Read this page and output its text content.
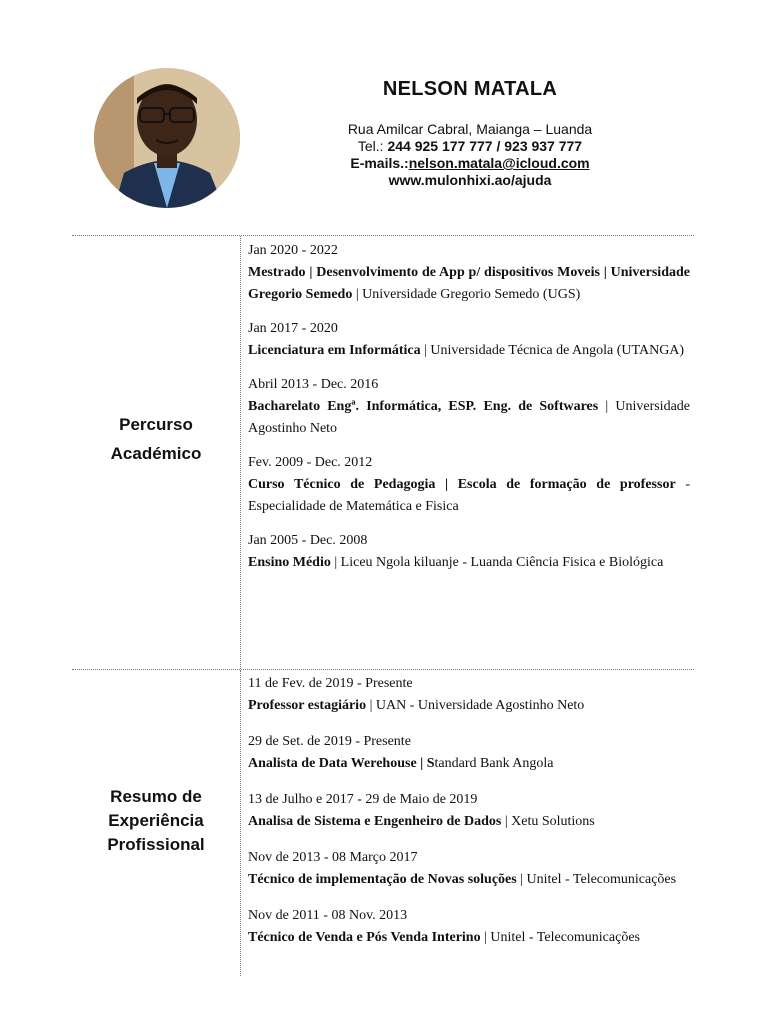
NELSON MATALA
Rua Amilcar Cabral, Maianga – Luanda
Tel.: 244 925 177 777 / 923 937 777
E-mails.:nelson.matala@icloud.com
www.mulonhixi.ao/ajuda
Percurso
Académico
Jan 2020 - 2022
Mestrado | Desenvolvimento de App p/ dispositivos Moveis | Universidade Gregorio Semedo | Universidade Gregorio Semedo (UGS)
Jan 2017 - 2020
Licenciatura em Informática | Universidade Técnica de Angola (UTANGA)
Abril 2013 - Dec. 2016
Bacharelato Engª. Informática, ESP. Eng. de Softwares | Universidade Agostinho Neto
Fev. 2009 - Dec. 2012
Curso Técnico de Pedagogia | Escola de formação de professor - Especialidade de Matemática e Fisica
Jan 2005 - Dec. 2008
Ensino Médio | Liceu Ngola kiluanje - Luanda Ciência Fisica e Biológica
Resumo de
Experiência
Profissional
11 de Fev. de 2019 - Presente
Professor estagiário | UAN - Universidade Agostinho Neto
29 de Set. de 2019 - Presente
Analista de Data Werehouse | Standard Bank Angola
13 de Julho e 2017 - 29 de Maio de 2019
Analisa de Sistema e Engenheiro de Dados | Xetu Solutions
Nov de 2013 - 08 Março 2017
Técnico de implementação de Novas soluções | Unitel - Telecomunicações
Nov de 2011 - 08 Nov. 2013
Técnico de Venda e Pós Venda Interino | Unitel - Telecomunicações
